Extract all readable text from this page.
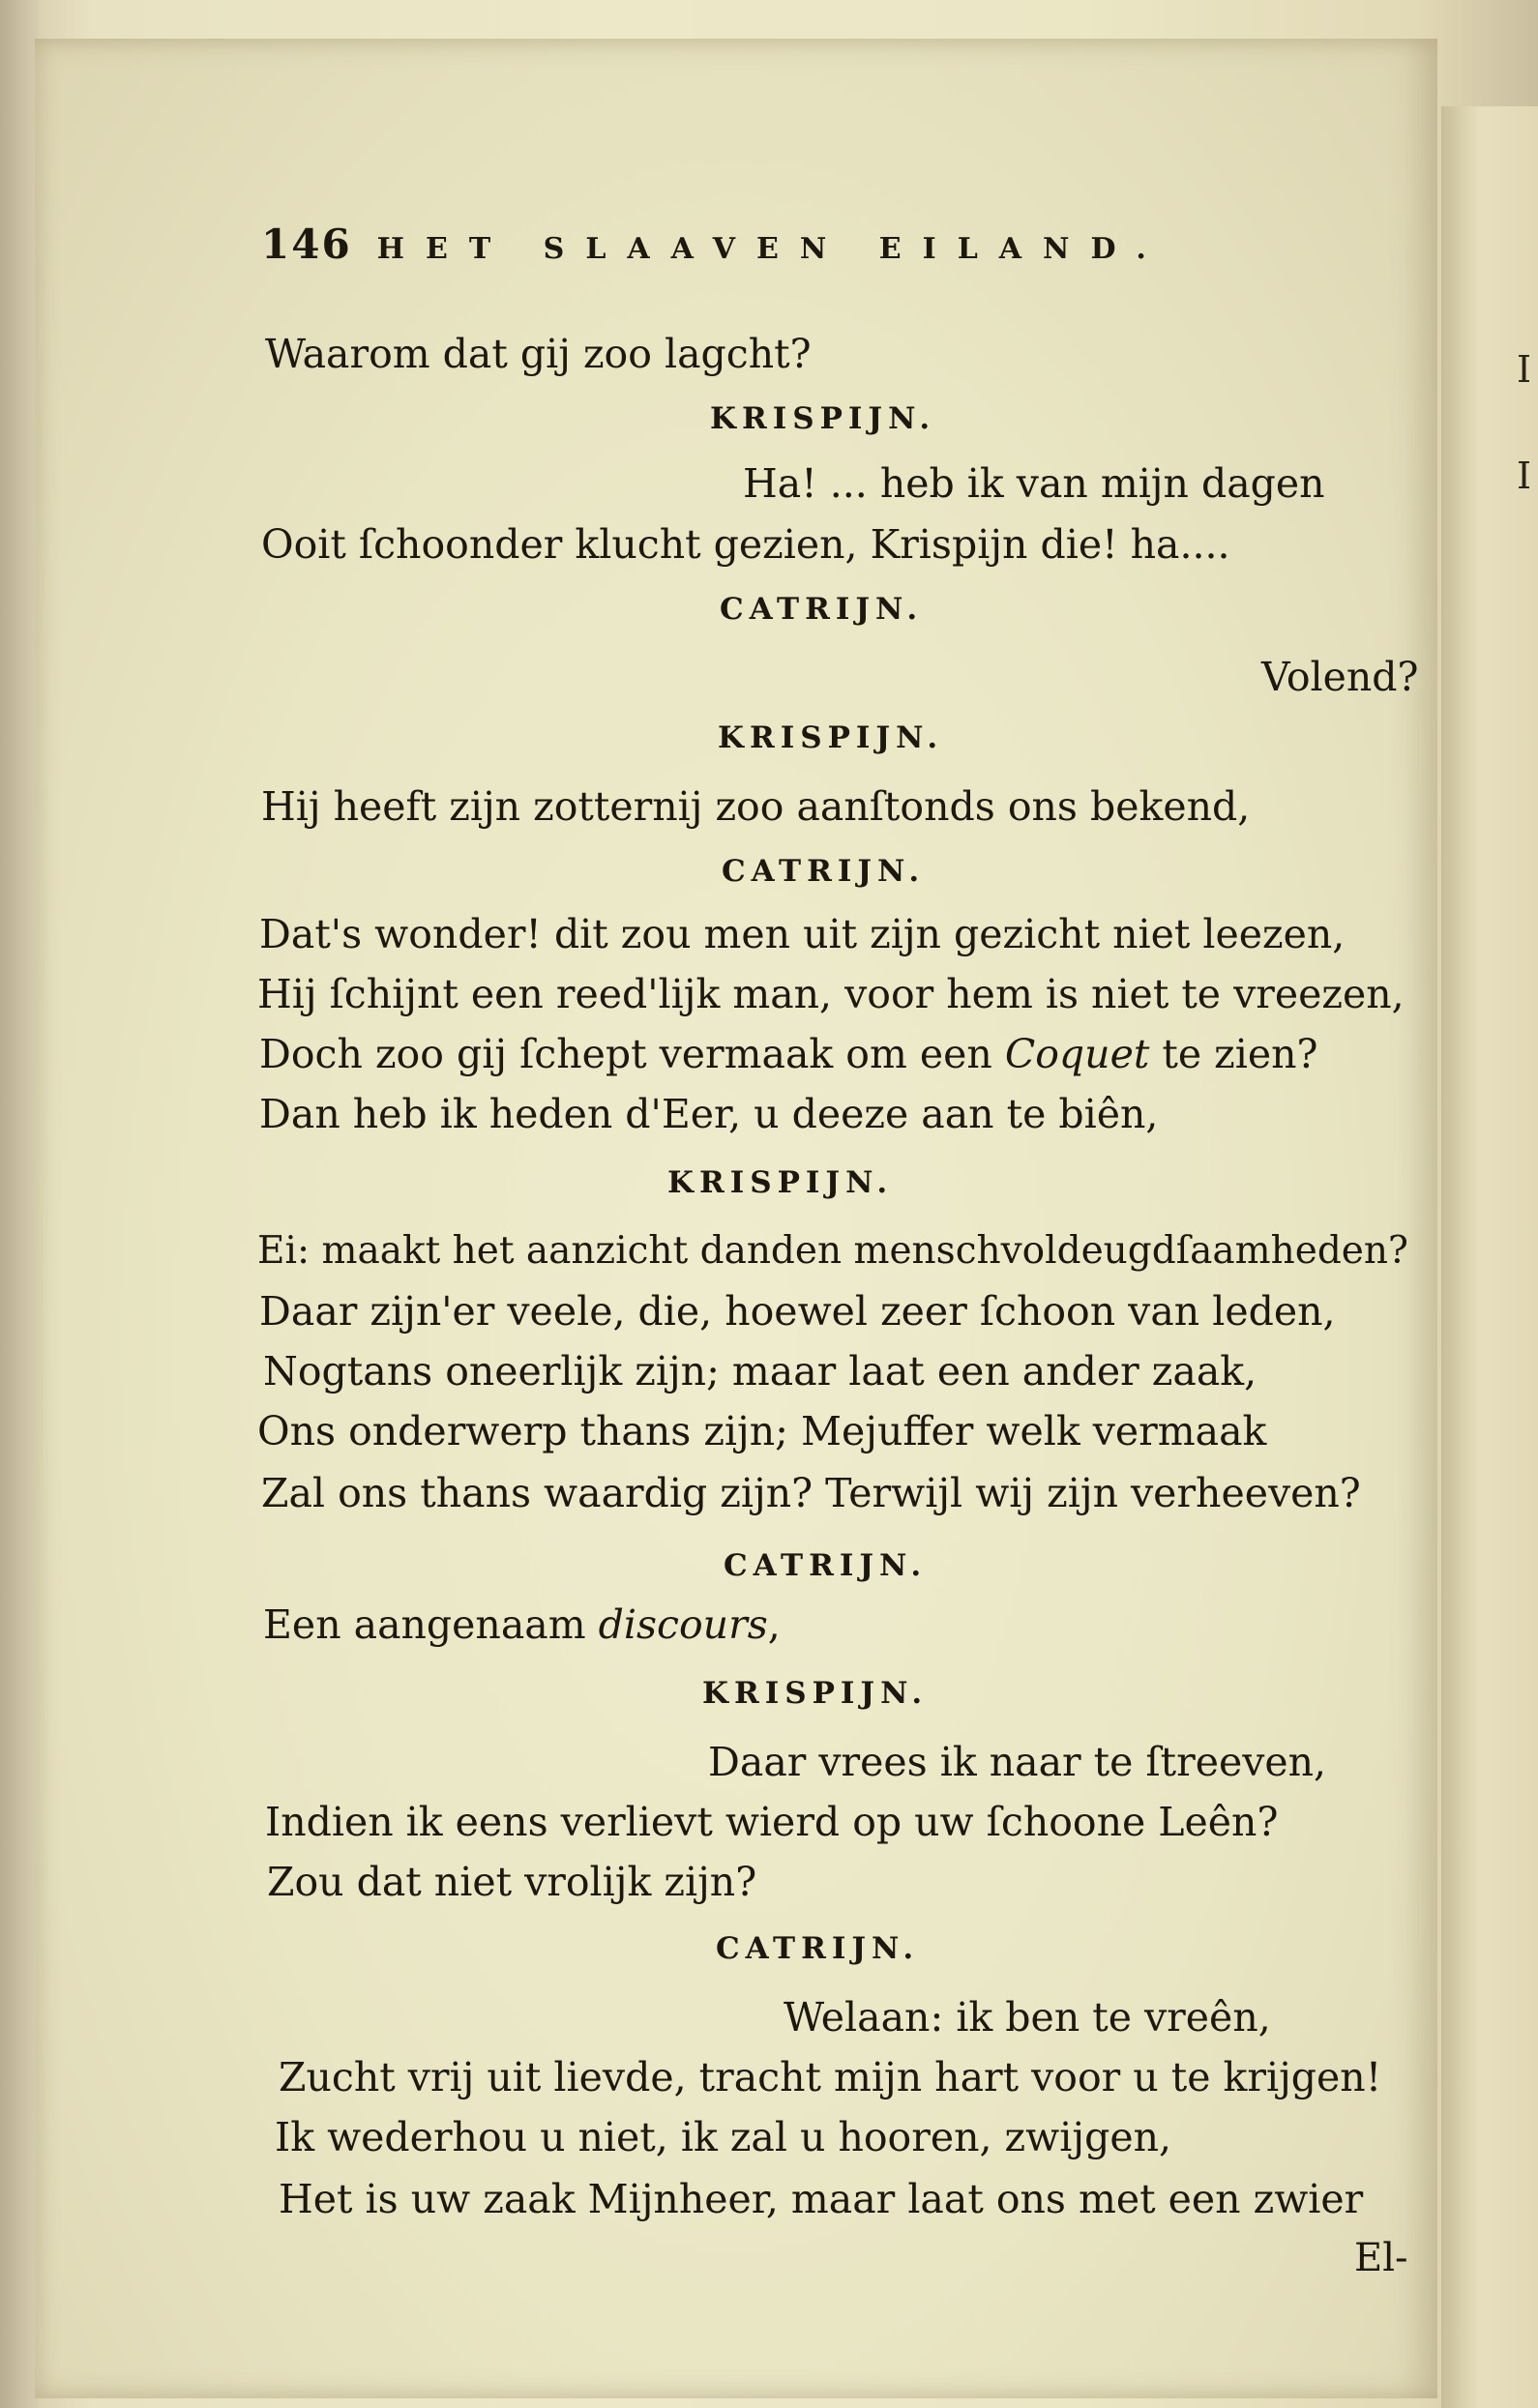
I
I
146 HET SLAAVEN EILAND.
Waarom dat gij zoo lagcht?
KRISPIJN.
Ha! ... heb ik van mijn dagen
Ooit ſchoonder klucht gezien, Krispijn die! ha....
CATRIJN.
Volend?
KRISPIJN.
Hij heeft zijn zotternij zoo aanſtonds ons bekend,
CATRIJN.
Dat's wonder! dit zou men uit zijn gezicht niet leezen,
Hij ſchijnt een reed'lijk man, voor hem is niet te vreezen,
Doch zoo gij ſchept vermaak om een Coquet te zien?
Dan heb ik heden d'Eer, u deeze aan te biên,
KRISPIJN.
Ei: maakt het aanzicht danden menschvoldeugdſaamheden?
Daar zijn'er veele, die, hoewel zeer ſchoon van leden,
Nogtans oneerlijk zijn; maar laat een ander zaak,
Ons onderwerp thans zijn; Mejuffer welk vermaak
Zal ons thans waardig zijn? Terwijl wij zijn verheeven?
CATRIJN.
Een aangenaam discours,
KRISPIJN.
Daar vrees ik naar te ſtreeven,
Indien ik eens verlievt wierd op uw ſchoone Leên?
Zou dat niet vrolijk zijn?
CATRIJN.
Welaan: ik ben te vreên,
Zucht vrij uit lievde, tracht mijn hart voor u te krijgen!
Ik wederhou u niet, ik zal u hooren, zwijgen,
Het is uw zaak Mijnheer, maar laat ons met een zwier
El-
